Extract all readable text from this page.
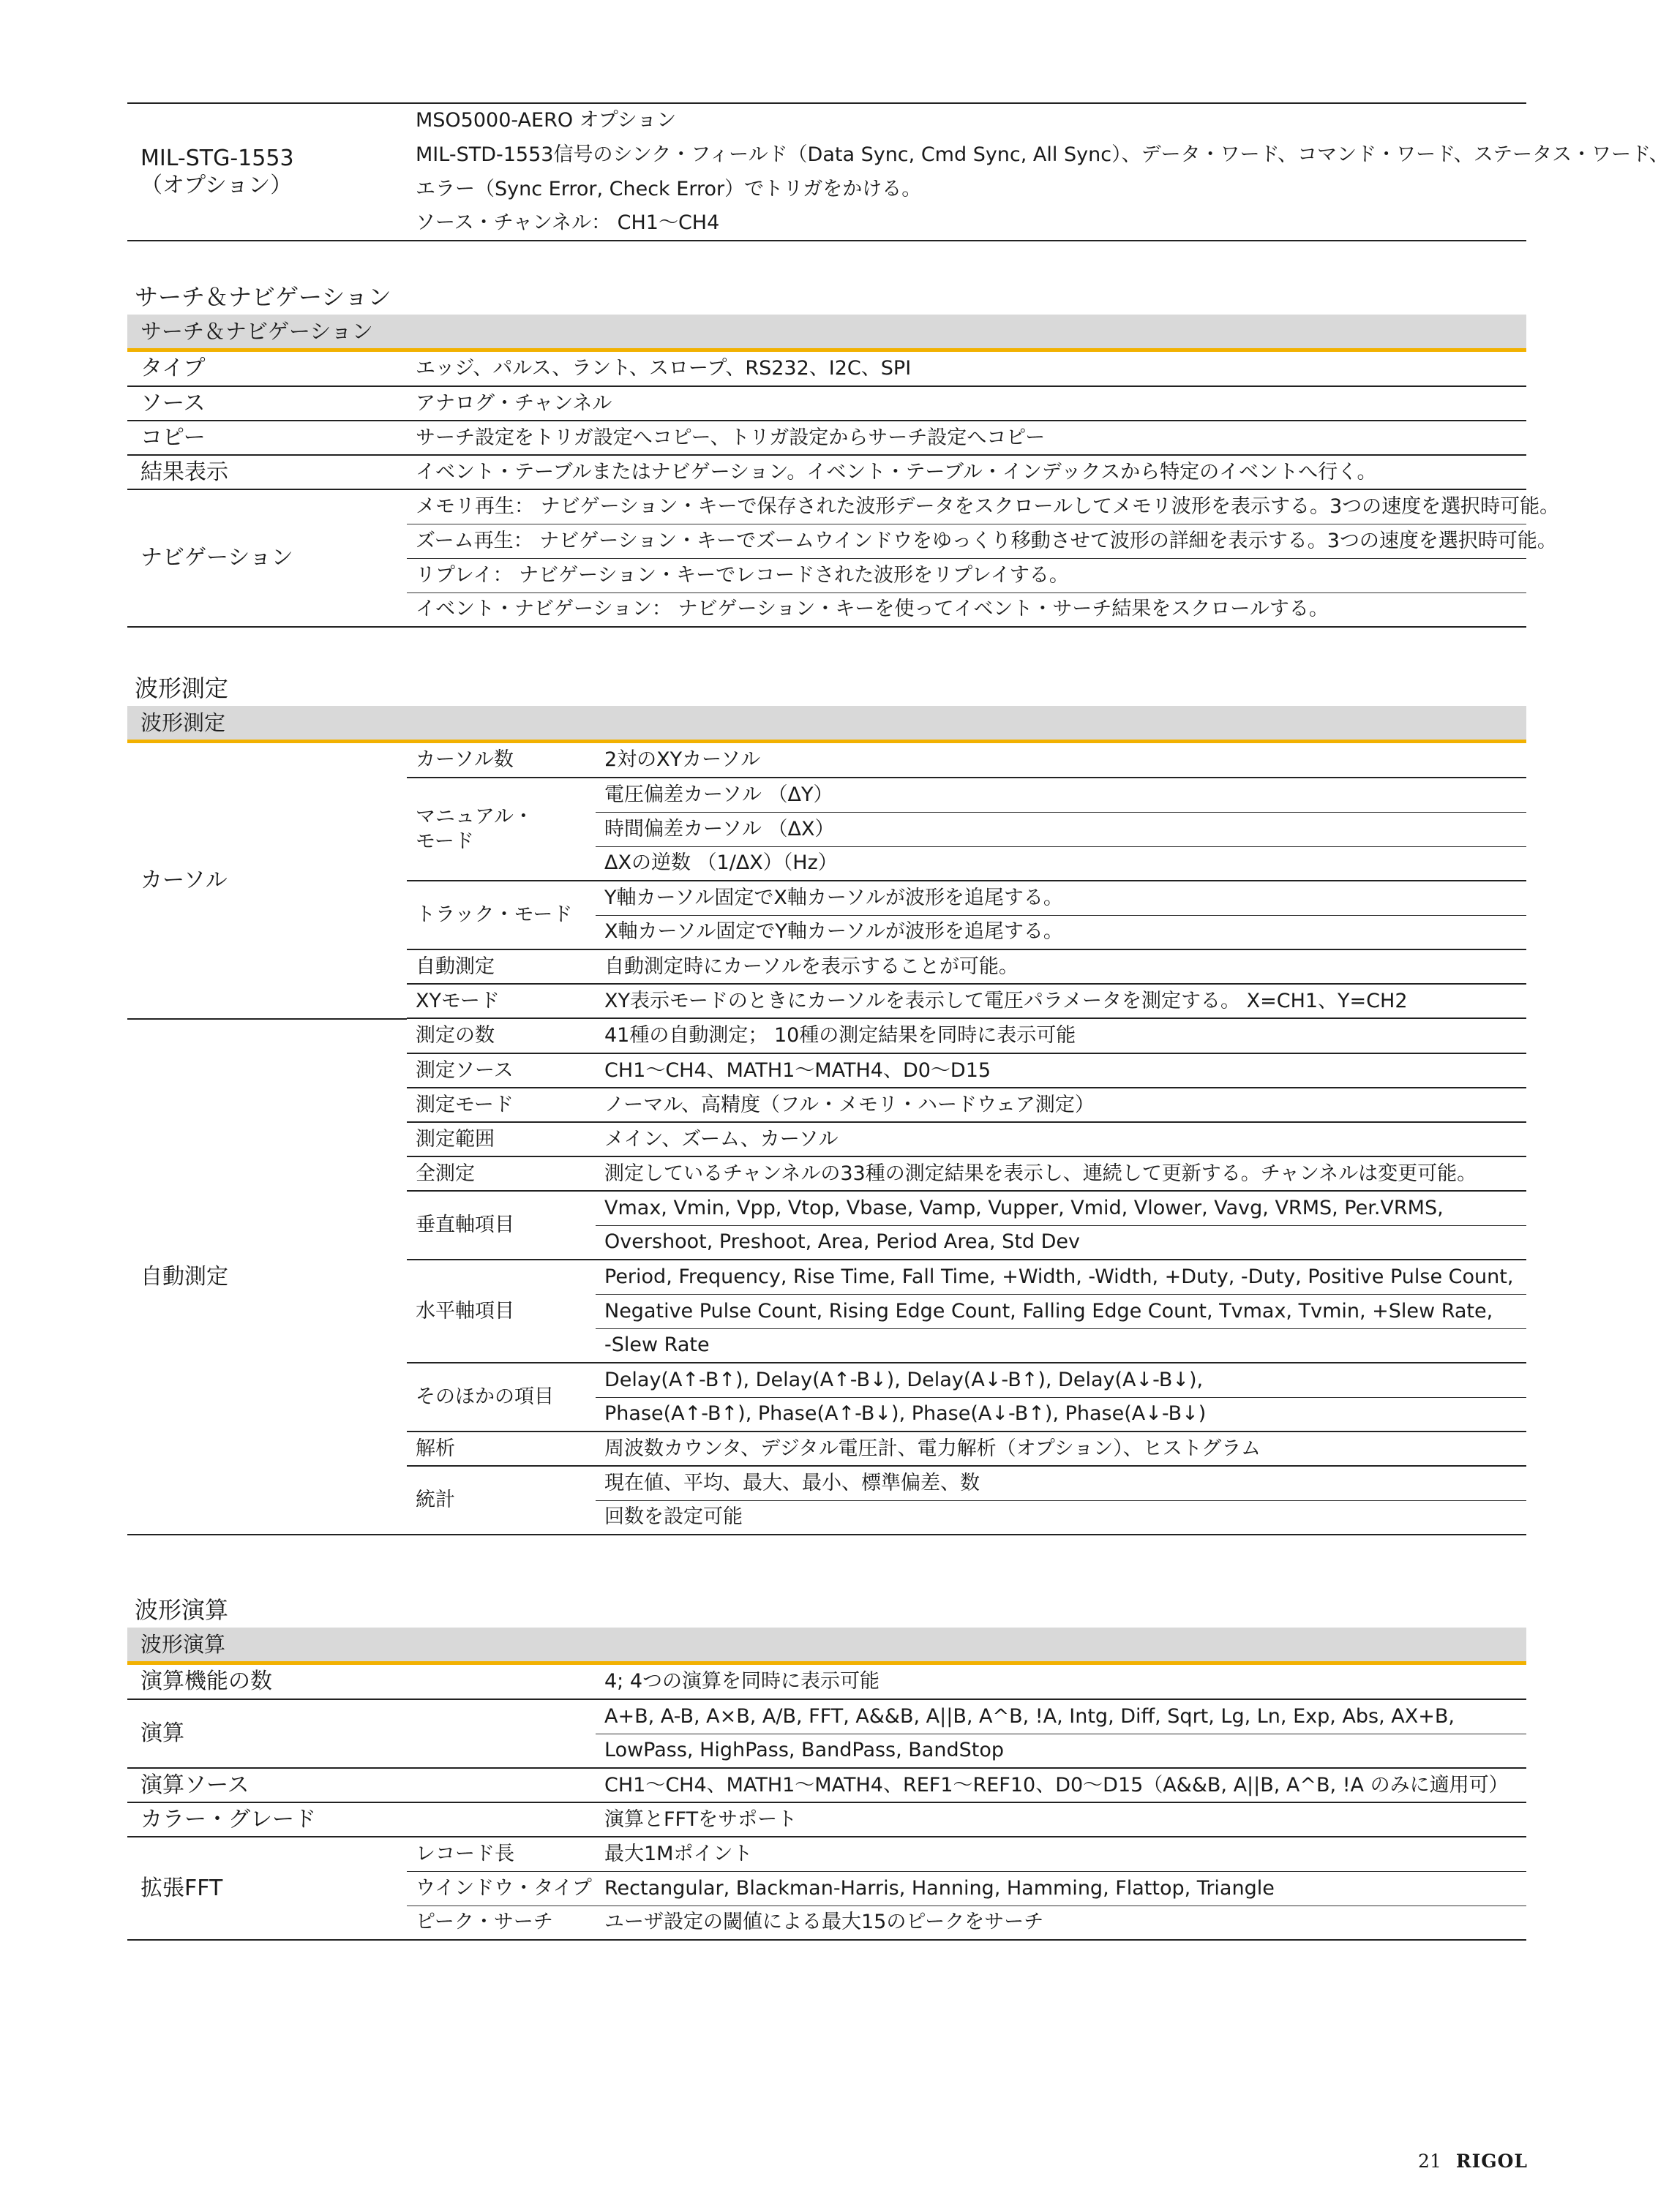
MIL-STG-1553
（オプション）
	MSO5000-AERO オプション
MIL-STD-1553信号のシンク・フィールド（Data Sync, Cmd Sync, All Sync）、データ・ワード、コマンド・ワード、ステータス・ワード、
エラー（Sync Error, Check Error）でトリガをかける。
ソース・チャンネル： CH1～CH4
サーチ＆ナビゲーション
サーチ＆ナビゲーション
タイプ	エッジ、パルス、ラント、スロープ、RS232、I2C、SPI
ソース	アナログ・チャンネル
コピー	サーチ設定をトリガ設定へコピー、トリガ設定からサーチ設定へコピー
結果表示	イベント・テーブルまたはナビゲーション。イベント・テーブル・インデックスから特定のイベントへ行く。
ナビゲーション	メモリ再生： ナビゲーション・キーで保存された波形データをスクロールしてメモリ波形を表示する。3つの速度を選択時可能。
	ズーム再生： ナビゲーション・キーでズームウインドウをゆっくり移動させて波形の詳細を表示する。3つの速度を選択時可能。
	リプレイ： ナビゲーション・キーでレコードされた波形をリプレイする。
	イベント・ナビゲーション： ナビゲーション・キーを使ってイベント・サーチ結果をスクロールする。
波形測定
波形測定
カーソル	カーソル数	2対のXYカーソル

	マニュアル・
モード	電圧偏差カーソル （ΔY）
		時間偏差カーソル （ΔX）
		ΔXの逆数 （1/ΔX）（Hz）
	トラック・モード	Y軸カーソル固定でX軸カーソルが波形を追尾する。
		X軸カーソル固定でY軸カーソルが波形を追尾する。
	自動測定	自動測定時にカーソルを表示することが可能。
	XYモード	XY表示モードのときにカーソルを表示して電圧パラメータを測定する。 X=CH1、Y=CH2

自動測定	測定の数	41種の自動測定； 10種の測定結果を同時に表示可能
	測定ソース	CH1～CH4、MATH1～MATH4、D0～D15
	測定モード	ノーマル、高精度（フル・メモリ・ハードウェア測定）
	測定範囲	メイン、ズーム、カーソル
	全測定	測定しているチャンネルの33種の測定結果を表示し、連続して更新する。チャンネルは変更可能。
	垂直軸項目	Vmax, Vmin, Vpp, Vtop, Vbase, Vamp, Vupper, Vmid, Vlower, Vavg, VRMS, Per.VRMS,
		Overshoot, Preshoot, Area, Period Area, Std Dev
	水平軸項目	Period, Frequency, Rise Time, Fall Time, +Width, -Width, +Duty, -Duty, Positive Pulse Count,
		Negative Pulse Count, Rising Edge Count, Falling Edge Count, Tvmax, Tvmin, +Slew Rate,
		-Slew Rate
	そのほかの項目	Delay(A↑-B↑), Delay(A↑-B↓), Delay(A↓-B↑), Delay(A↓-B↓),
		Phase(A↑-B↑), Phase(A↑-B↓), Phase(A↓-B↑), Phase(A↓-B↓)
	解析	周波数カウンタ、デジタル電圧計、電力解析（オプション）、ヒストグラム
	統計	現在値、平均、最大、最小、標準偏差、数
		回数を設定可能
波形演算
波形演算
演算機能の数		4; 4つの演算を同時に表示可能
演算		A+B, A-B, A×B, A/B, FFT, A&&B, A||B, A^B, !A, Intg, Diff, Sqrt, Lg, Ln, Exp, Abs, AX+B,
		LowPass, HighPass, BandPass, BandStop
演算ソース		CH1～CH4、MATH1～MATH4、REF1～REF10、D0～D15（A&&B, A||B, A^B, !A のみに適用可）
カラー・グレード		演算とFFTをサポート
拡張FFT	レコード長	最大1Mポイント
	ウインドウ・タイプ	Rectangular, Blackman-Harris, Hanning, Hamming, Flattop, Triangle
	ピーク・サーチ	ユーザ設定の閾値による最大15のピークをサーチ
21 RIGOL
